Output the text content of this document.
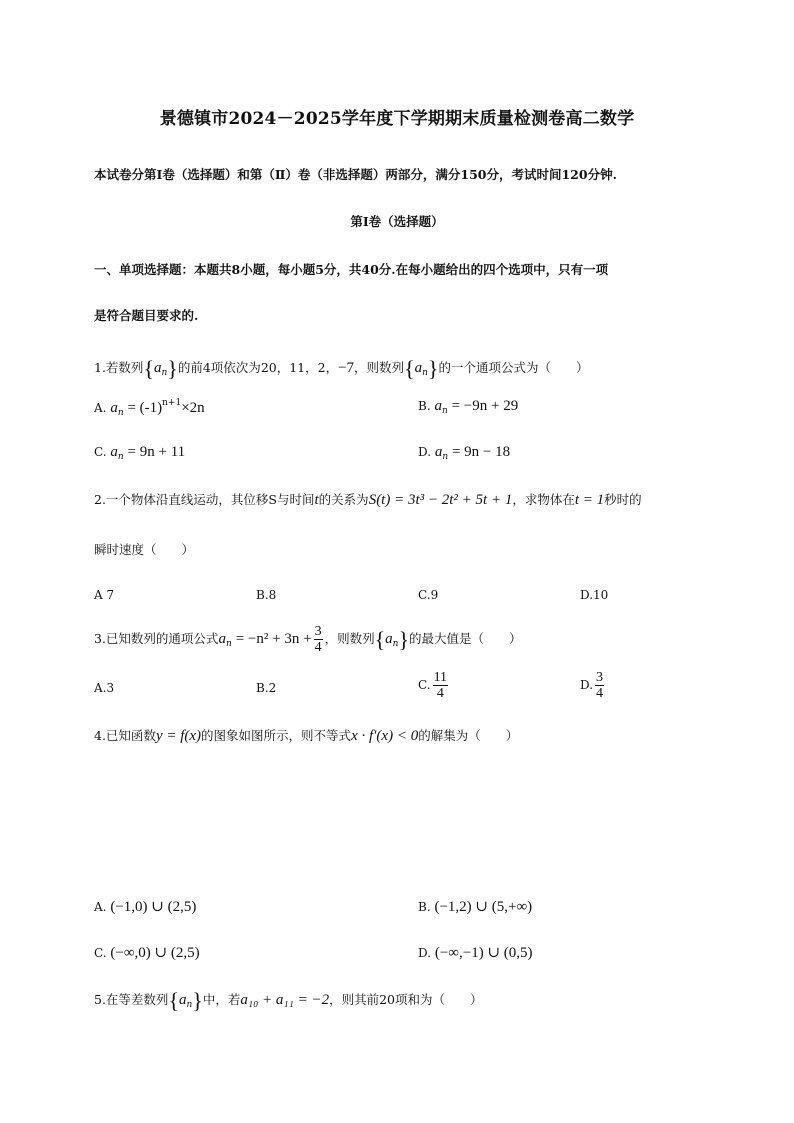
景德镇市2024－2025学年度下学期期末质量检测卷高二数学
本试卷分第Ⅰ卷（选择题）和第（Ⅱ）卷（非选择题）两部分，满分150分，考试时间120分钟.
第Ⅰ卷（选择题）
一、单项选择题：本题共8小题，每小题5分，共40分.在每小题给出的四个选项中，只有一项
是符合题目要求的.
1.若数列$\{a_n\}$的前4项依次为20，11，2，−7，则数列$\{a_n\}$的一个通项公式为（　　）
A. $a_n = (-1)^{n+1}\times 2n$	B. $a_n = -9n + 29$
C. $a_n = 9n + 11$	D. $a_n = 9n - 18$
2.一个物体沿直线运动，其位移S与时间t的关系为S(t) = 3t³ − 2t² + 5t + 1，求物体在t = 1秒时的
瞬时速度（　　）
A 7	B.8	C.9	D.10
3.已知数列的通项公式$a_n = -n^2 + 3n + \frac{3}{4}$ ，则数列$\{a_n\}$的最大值是（　　）
A.3	B.2	C. $\frac{11}{4}$	D. $\frac{3}{4}$
4.已知函数y = f(x)的图象如图所示，则不等式x · f′(x) < 0的解集为（　　）
A. (−1,0) ∪ (2,5)	B. (−1,2) ∪ (5,+∞)
C. (−∞,0) ∪ (2,5)	D. (−∞,−1) ∪ (0,5)
5.在等差数列$\{a_n\}$中，若a₁₀ + a₁₁ = −2，则其前20项和为（　　）
